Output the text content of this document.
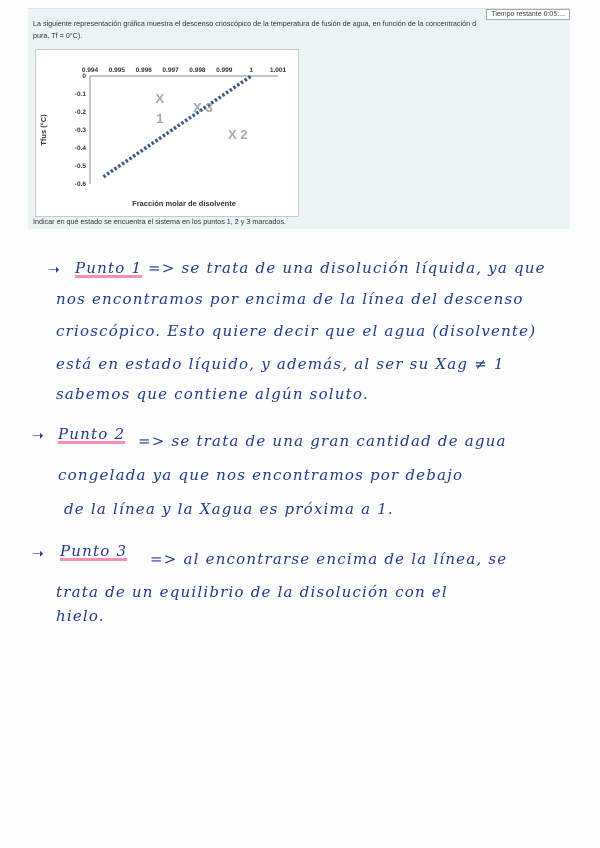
La siguiente representación gráfica muestra el descenso crioscópico de la temperatura de fusión de agua, en función de la concentración d
pura, Tf = 0°C).
Tiempo restante 0:05:...
0.994 0.995 0.996 0.997 0.998 0.999	1	1.001
0
-0.1
-0.2
-0.3
-0.4
-0.5
-0.6
X
1
X 3
X 2
Fracción molar de disolvente
Tfus (°C)
Indicar en qué estado se encuentra el sistema en los puntos 1, 2 y 3 marcados.
➝ Punto 1 => se trata de una disolución líquida, ya que
nos encontramos por encima de la línea del descenso
crioscópico. Esto quiere decir que el agua (disolvente)
está en estado líquido, y además, al ser su Xag ≠ 1
sabemos que contiene algún soluto.
➝ Punto 2 => se trata de una gran cantidad de agua
congelada ya que nos encontramos por debajo
de la línea y la Xagua es próxima a 1.
➝ Punto 3 => al encontrarse encima de la línea, se
trata de un equilibrio de la disolución con el
hielo.
